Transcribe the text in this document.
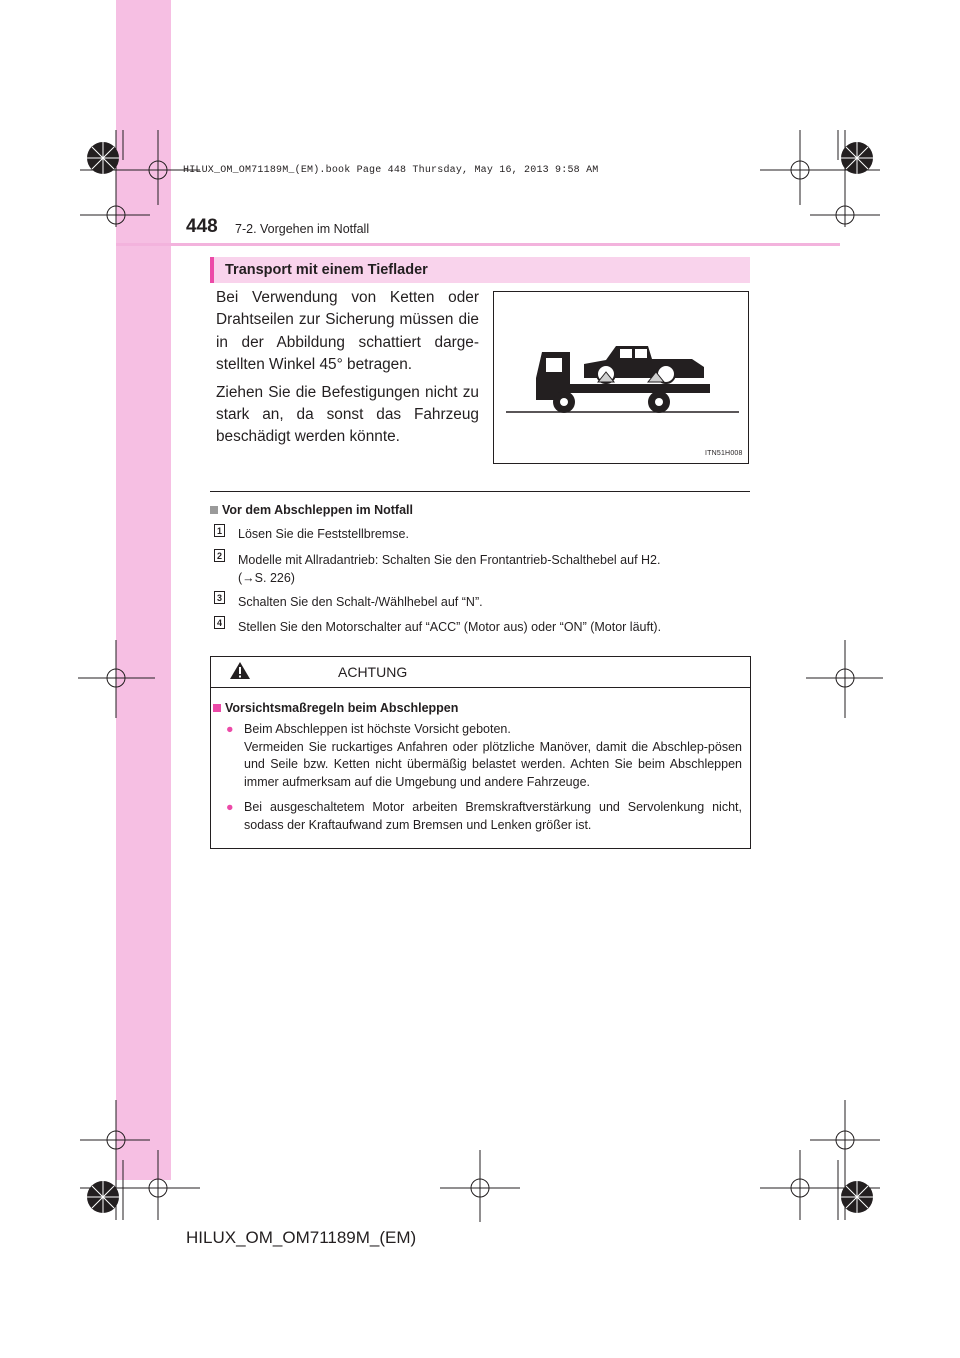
HILUX_OM_OM71189M_(EM).book Page 448 Thursday, May 16, 2013 9:58 AM
448 7-2. Vorgehen im Notfall
Transport mit einem Tieflader

Bei Verwendung von Ketten oder Drahtseilen zur Sicherung müssen die in der Abbildung schattiert darge-stellten Winkel 45° betragen.

Ziehen Sie die Befestigungen nicht zu stark an, da sonst das Fahrzeug beschädigt werden könnte.

ITN51H008
Vor dem Abschleppen im Notfall
1 Lösen Sie die Feststellbremse.
2 Modelle mit Allradantrieb: Schalten Sie den Frontantrieb-Schalthebel auf H2.
(→S. 226)
3 Schalten Sie den Schalt-/Wählhebel auf “N”.
4 Stellen Sie den Motorschalter auf “ACC” (Motor aus) oder “ON” (Motor läuft).
ACHTUNG
Vorsichtsmaßregeln beim Abschleppen
● Beim Abschleppen ist höchste Vorsicht geboten.
Vermeiden Sie ruckartiges Anfahren oder plötzliche Manöver, damit die Abschlep-pösen und Seile bzw. Ketten nicht übermäßig belastet werden. Achten Sie beim Abschleppen immer aufmerksam auf die Umgebung und andere Fahrzeuge.
● Bei ausgeschaltetem Motor arbeiten Bremskraftverstärkung und Servolenkung nicht, sodass der Kraftaufwand zum Bremsen und Lenken größer ist.
HILUX_OM_OM71189M_(EM)
